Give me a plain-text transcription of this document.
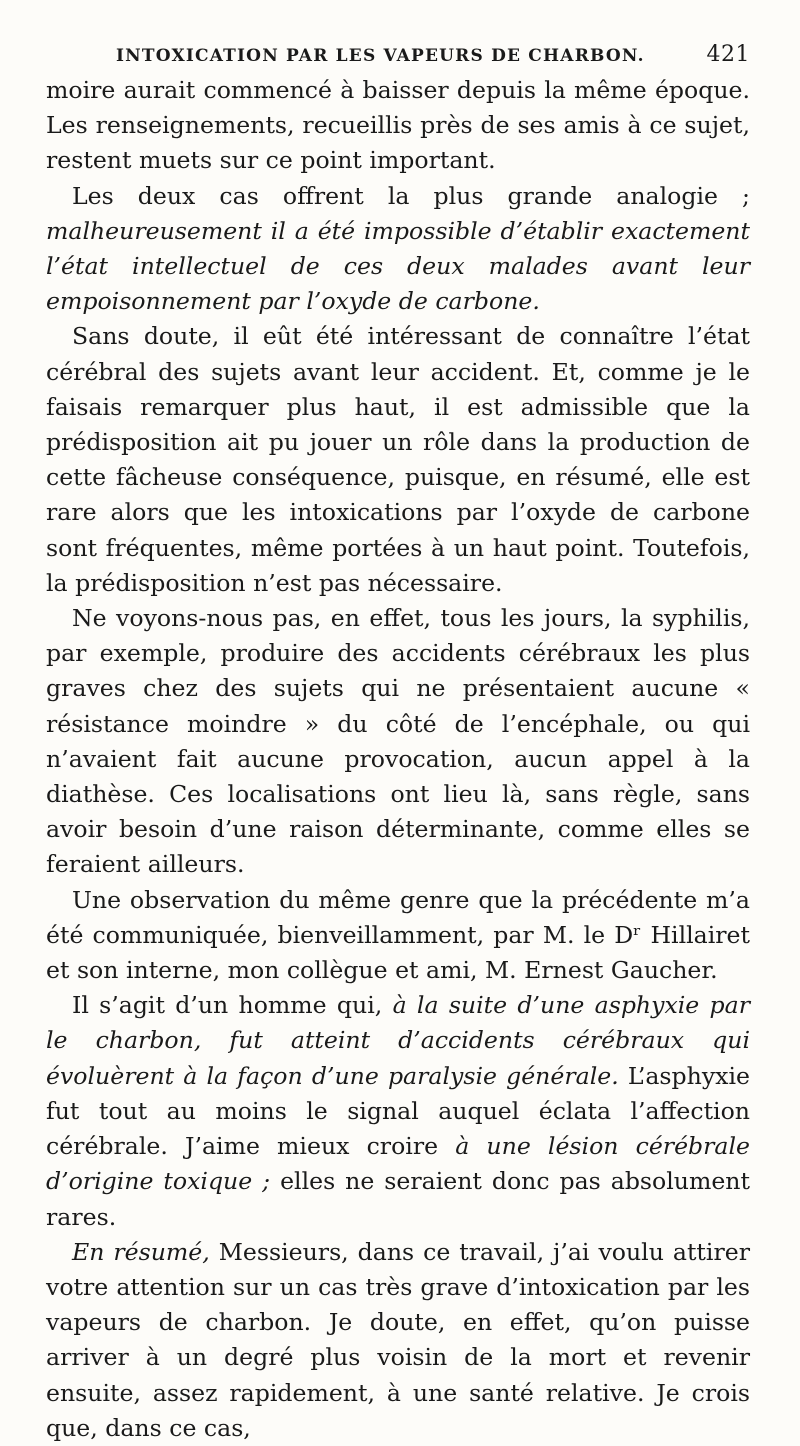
INTOXICATION PAR LES VAPEURS DE CHARBON.	421

moire aurait commencé à baisser depuis la même époque. Les renseignements, recueillis près de ses amis à ce sujet, restent muets sur ce point important.

Les deux cas offrent la plus grande analogie ; malheureusement il a été impossible d’établir exactement l’état intellectuel de ces deux malades avant leur empoisonnement par l’oxyde de carbone.

Sans doute, il eût été intéressant de connaître l’état cérébral des sujets avant leur accident. Et, comme je le faisais remarquer plus haut, il est admissible que la prédisposition ait pu jouer un rôle dans la production de cette fâcheuse conséquence, puisque, en résumé, elle est rare alors que les intoxications par l’oxyde de carbone sont fréquentes, même portées à un haut point. Toutefois, la prédisposition n’est pas nécessaire.

Ne voyons-nous pas, en effet, tous les jours, la syphilis, par exemple, produire des accidents cérébraux les plus graves chez des sujets qui ne présentaient aucune « résistance moindre » du côté de l’encéphale, ou qui n’avaient fait aucune provocation, aucun appel à la diathèse. Ces localisations ont lieu là, sans règle, sans avoir besoin d’une raison déterminante, comme elles se feraient ailleurs.

Une observation du même genre que la précédente m’a été communiquée, bienveillamment, par M. le Dʳ Hillairet et son interne, mon collègue et ami, M. Ernest Gaucher.

Il s’agit d’un homme qui, à la suite d’une asphyxie par le charbon, fut atteint d’accidents cérébraux qui évoluèrent à la façon d’une paralysie générale. L’asphyxie fut tout au moins le signal auquel éclata l’affection cérébrale. J’aime mieux croire à une lésion cérébrale d’origine toxique ; elles ne seraient donc pas absolument rares.

En résumé, Messieurs, dans ce travail, j’ai voulu attirer votre attention sur un cas très grave d’intoxication par les vapeurs de charbon. Je doute, en effet, qu’on puisse arriver à un degré plus voisin de la mort et revenir ensuite, assez rapidement, à une santé relative. Je crois que, dans ce cas,
